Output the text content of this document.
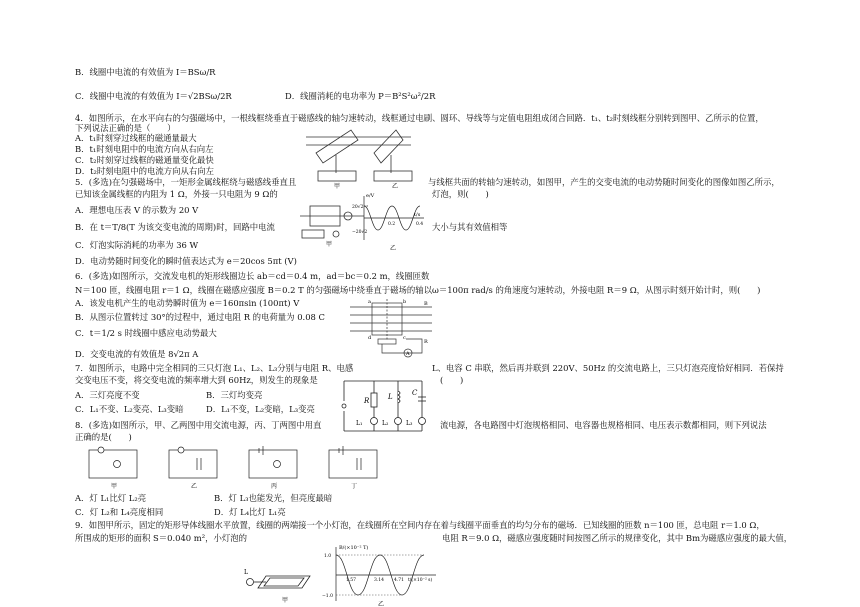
B．线圈中电流的有效值为 I＝BSω/R
C．线圈中电流的有效值为 I＝√2BSω/2R	D．线圈消耗的电功率为 P＝B²S²ω²/2R
4．如图所示，在水平向右的匀强磁场中，一根线框绕垂直于磁感线的轴匀速转动，线框通过电刷、圆环、导线等与定值电阻组成闭合回路．t₁、t₂时刻线框分别转到图甲、乙所示的位置，
下列说法正确的是（　　）
A．t₁时刻穿过线框的磁通量最大
B．t₁时刻电阻中的电流方向从右向左
C．t₂时刻穿过线框的磁通量变化最快
D．t₂时刻电阻中的电流方向从右向左
甲	乙
5．(多选)在匀强磁场中，一矩形金属线框绕与磁感线垂直且	与线框共面的转轴匀速转动，如图甲，产生的交变电流的电动势随时间变化的图像如图乙所示，
已知该金属线框的内阻为 1 Ω，外接一只电阻为 9 Ω的	灯泡，则(　　)
A．理想电压表 V 的示数为 20 V
B．在 t＝T/8(T 为该交变电流的周期)时，回路中电流	大小与其有效值相等
C．灯泡实际消耗的功率为 36 W
D．电动势随时间变化的瞬时值表达式为 e＝20cos 5πt (V)
甲
e/V
20√2
−20√2
t/s
0.2	0.4
乙
6．(多选)如图所示，交流发电机的矩形线圈边长 ab＝cd＝0.4 m，ad＝bc＝0.2 m，线圈匝数
N＝100 匝，线圈电阻 r＝1 Ω，线圈在磁感应强度 B＝0.2 T 的匀强磁场中绕垂直于磁场的轴以ω＝100π rad/s 的角速度匀速转动，外接电阻 R＝9 Ω，从图示时刻开始计时，则(　　)
A．该发电机产生的电动势瞬时值为 e＝160πsin (100πt) V
B．从图示位置转过 30°的过程中，通过电阻 R 的电荷量为 0.08 C
C．t＝1/2 s 时线圈中感应电动势最大
D．交变电流的有效值是 8√2π A	A
B
R
a	b
c
d
7．如图所示，电路中完全相同的三只灯泡 L₁、L₂、L₃分别与电阻 R、电感	L、电容 C 串联，然后再并联到 220V、50Hz 的交流电路上，三只灯泡亮度恰好相同．若保持
交变电压不变，将交变电流的频率增大到 60Hz，则发生的现象是	(　　)
A．三灯亮度不变	B．三灯均变亮
C．L₁不变、L₂变亮、L₃变暗	D．L₁不变，L₂变暗，L₃变亮
R	L	C
L₁	L₂	L₃
8．(多选)如图所示，甲、乙两图中用交流电源，丙、丁两图中用直	流电源，各电路图中灯泡规格相同、电容器也规格相同、电压表示数都相同，则下列说法
正确的是(　　)
甲	乙	丙	丁
A．灯 L₁比灯 L₂亮	B．灯 L₃也能发光，但亮度最暗
C．灯 L₂和 L₄亮度相同	D．灯 L₄比灯 L₁亮
9．如图甲所示，固定的矩形导体线圈水平放置，线圈的两端接一个小灯泡，在线圈所在空间内存在着与线圈平面垂直的均匀分布的磁场．已知线圈的匝数 n＝100 匝，总电阻 r＝1.0 Ω，
所围成的矩形的面积 S＝0.040 m²，小灯泡的	电阻 R＝9.0 Ω，磁感应强度随时间按图乙所示的规律变化，其中 Bm为磁感应强度的最大值，
L
甲
B/(×10⁻² T)
1.0
−1.0
1.57	3.14 4.71 t/(×10⁻² s)
乙
